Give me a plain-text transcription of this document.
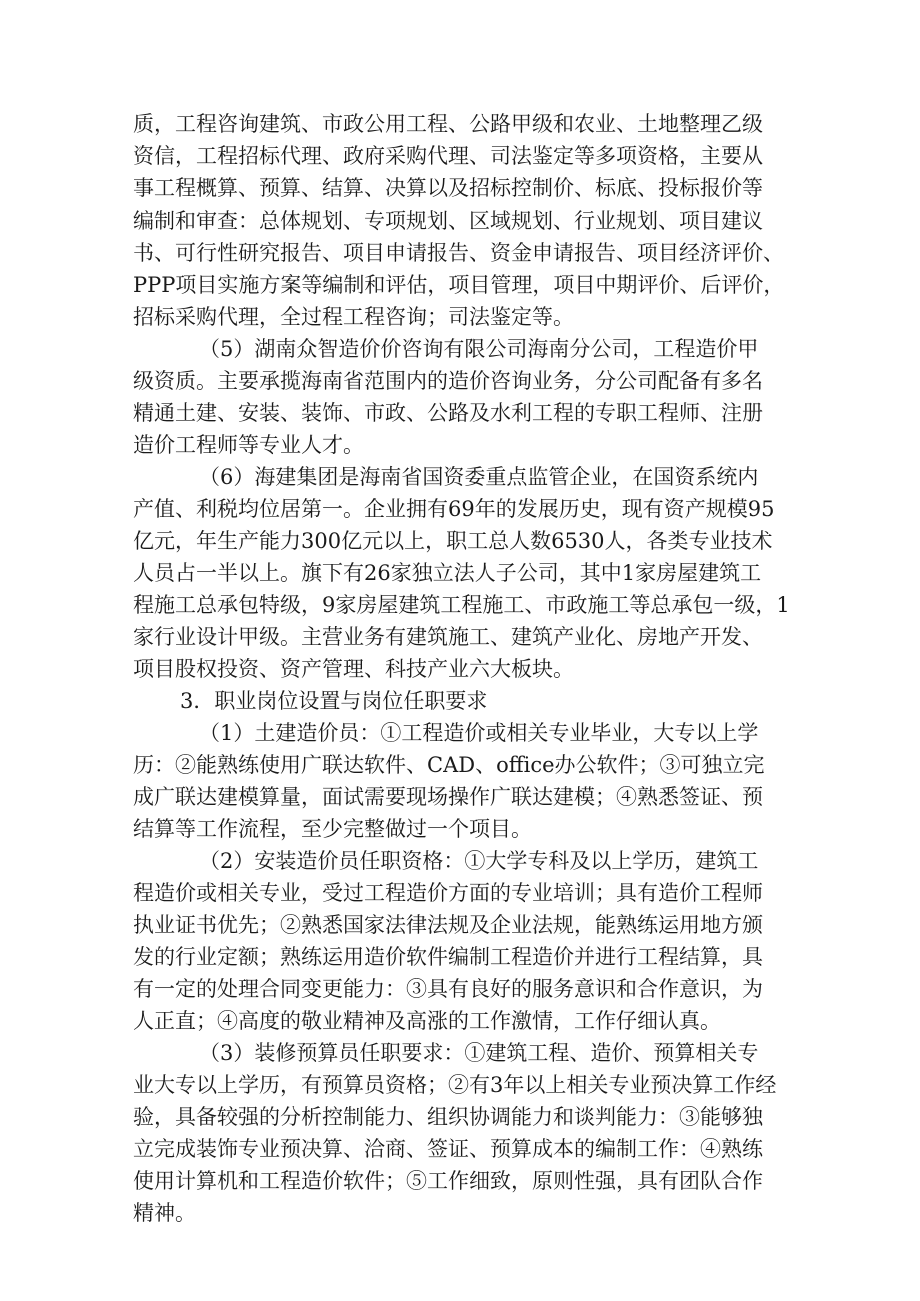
质，工程咨询建筑、市政公用工程、公路甲级和农业、土地整理乙级
资信，工程招标代理、政府采购代理、司法鉴定等多项资格，主要从
事工程概算、预算、结算、决算以及招标控制价、标底、投标报价等
编制和审查：总体规划、专项规划、区域规划、行业规划、项目建议
书、可行性研究报告、项目申请报告、资金申请报告、项目经济评价、
PPP项目实施方案等编制和评估，项目管理，项目中期评价、后评价，
招标采购代理，全过程工程咨询；司法鉴定等。
（5）湖南众智造价价咨询有限公司海南分公司，工程造价甲
级资质。主要承揽海南省范围内的造价咨询业务，分公司配备有多名
精通土建、安装、装饰、市政、公路及水利工程的专职工程师、注册
造价工程师等专业人才。
（6）海建集团是海南省国资委重点监管企业，在国资系统内
产值、利税均位居第一。企业拥有69年的发展历史，现有资产规模95
亿元，年生产能力300亿元以上，职工总人数6530人，各类专业技术
人员占一半以上。旗下有26家独立法人子公司，其中1家房屋建筑工
程施工总承包特级，9家房屋建筑工程施工、市政施工等总承包一级，1
家行业设计甲级。主营业务有建筑施工、建筑产业化、房地产开发、
项目股权投资、资产管理、科技产业六大板块。
3．职业岗位设置与岗位任职要求
（1）土建造价员：①工程造价或相关专业毕业，大专以上学
历：②能熟练使用广联达软件、CAD、office办公软件；③可独立完
成广联达建模算量，面试需要现场操作广联达建模；④熟悉签证、预
结算等工作流程，至少完整做过一个项目。
（2）安装造价员任职资格：①大学专科及以上学历，建筑工
程造价或相关专业，受过工程造价方面的专业培训；具有造价工程师
执业证书优先；②熟悉国家法律法规及企业法规，能熟练运用地方颁
发的行业定额；熟练运用造价软件编制工程造价并进行工程结算，具
有一定的处理合同变更能力：③具有良好的服务意识和合作意识，为
人正直；④高度的敬业精神及高涨的工作激情，工作仔细认真。
（3）装修预算员任职要求：①建筑工程、造价、预算相关专
业大专以上学历，有预算员资格；②有3年以上相关专业预决算工作经
验，具备较强的分析控制能力、组织协调能力和谈判能力：③能够独
立完成装饰专业预决算、洽商、签证、预算成本的编制工作：④熟练
使用计算机和工程造价软件；⑤工作细致，原则性强，具有团队合作
精神。
